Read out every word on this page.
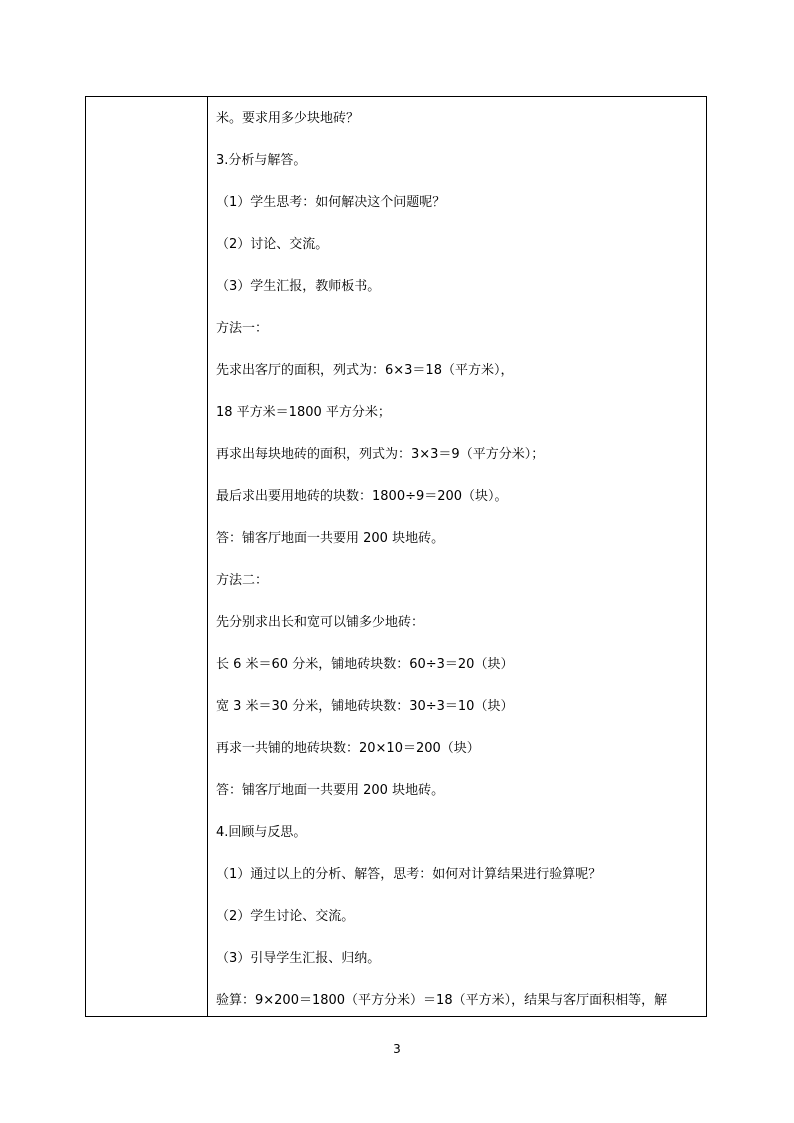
米。要求用多少块地砖？
3.分析与解答。
（1）学生思考：如何解决这个问题呢？
（2）讨论、交流。
（3）学生汇报，教师板书。
方法一：
先求出客厅的面积，列式为：6×3＝18（平方米），
18 平方米＝1800 平方分米；
再求出每块地砖的面积，列式为：3×3＝9（平方分米）；
最后求出要用地砖的块数：1800÷9＝200（块）。
答：铺客厅地面一共要用 200 块地砖。
方法二：
先分别求出长和宽可以铺多少地砖：
长 6 米＝60 分米，铺地砖块数：60÷3＝20（块）
宽 3 米＝30 分米，铺地砖块数：30÷3＝10（块）
再求一共铺的地砖块数：20×10＝200（块）
答：铺客厅地面一共要用 200 块地砖。
4.回顾与反思。
（1）通过以上的分析、解答，思考：如何对计算结果进行验算呢？
（2）学生讨论、交流。
（3）引导学生汇报、归纳。
验算：9×200＝1800（平方分米）＝18（平方米），结果与客厅面积相等，解
3
